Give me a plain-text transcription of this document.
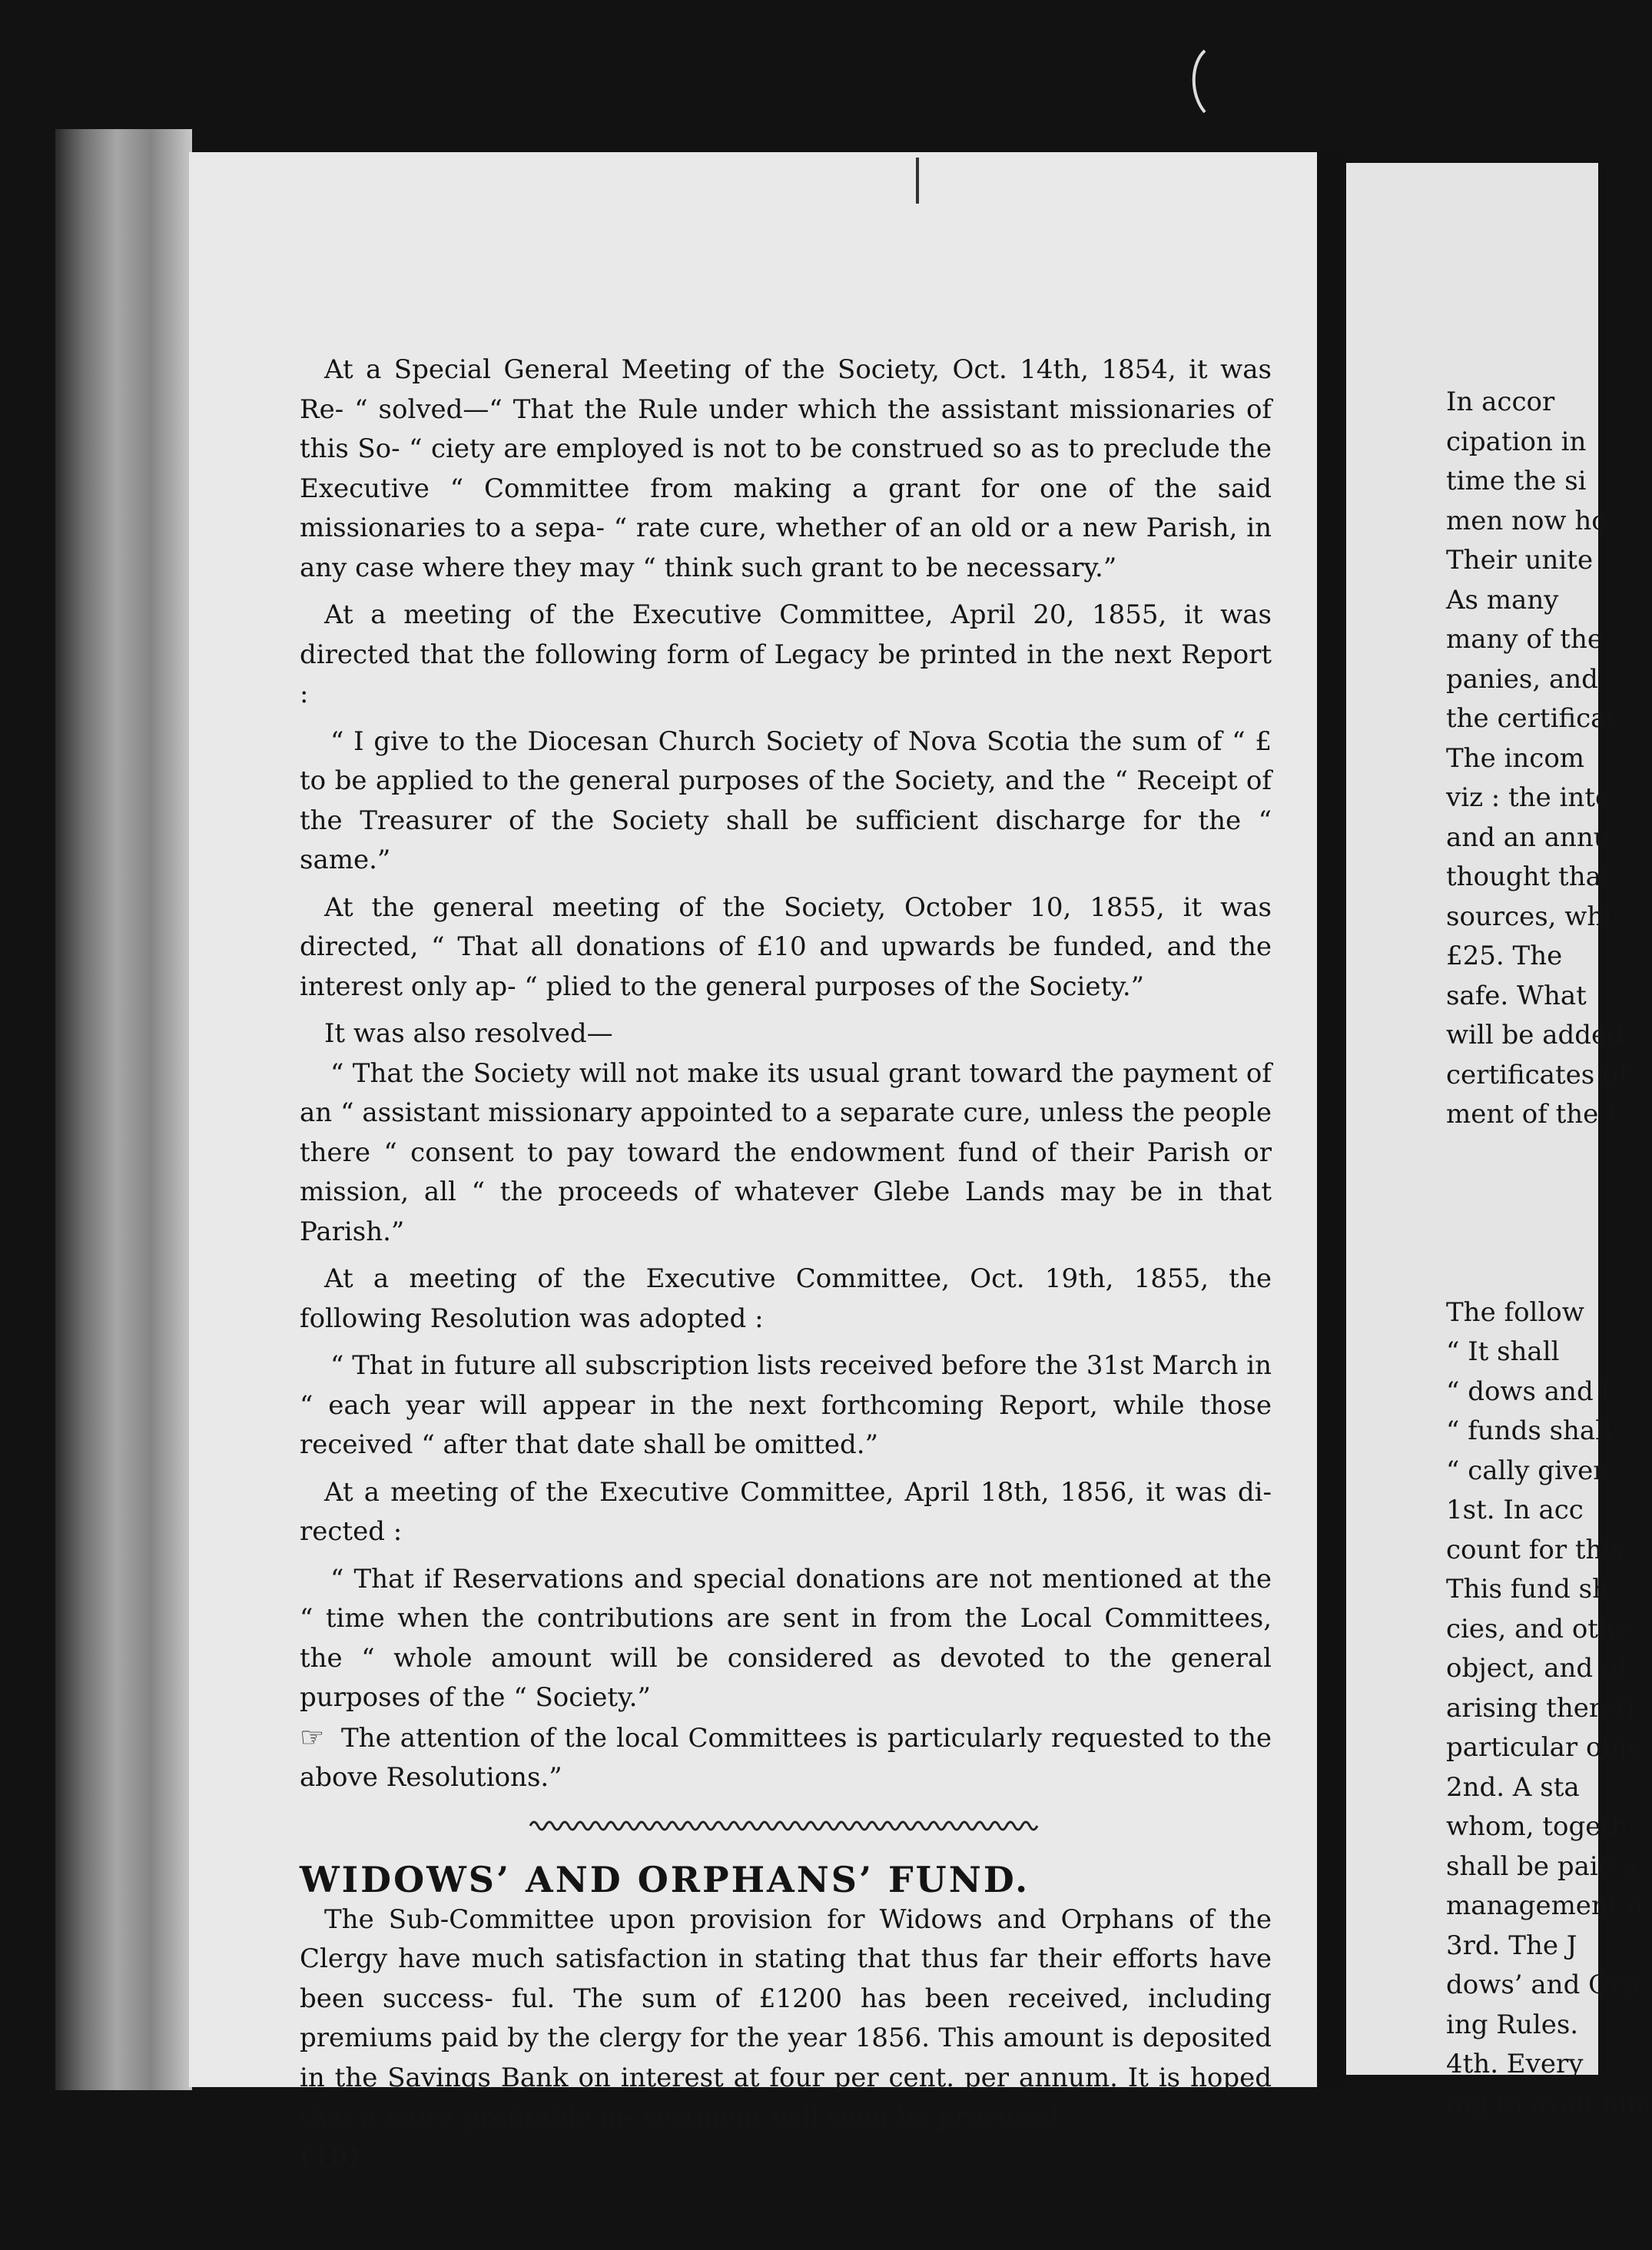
At a Special General Meeting of the Society, Oct. 14th, 1854, it was Re- “ solved—“ That the Rule under which the assistant missionaries of this So- “ ciety are employed is not to be construed so as to preclude the Executive “ Committee from making a grant for one of the said missionaries to a sepa- “ rate cure, whether of an old or a new Parish, in any case where they may “ think such grant to be necessary.”

At a meeting of the Executive Committee, April 20, 1855, it was directed that the following form of Legacy be printed in the next Report :

“ I give to the Diocesan Church Society of Nova Scotia the sum of “ £ to be applied to the general purposes of the Society, and the “ Receipt of the Treasurer of the Society shall be sufficient discharge for the “ same.”

At the general meeting of the Society, October 10, 1855, it was directed, “ That all donations of £10 and upwards be funded, and the interest only ap- “ plied to the general purposes of the Society.”

It was also resolved—

“ That the Society will not make its usual grant toward the payment of an “ assistant missionary appointed to a separate cure, unless the people there “ consent to pay toward the endowment fund of their Parish or mission, all “ the proceeds of whatever Glebe Lands may be in that Parish.”

At a meeting of the Executive Committee, Oct. 19th, 1855, the following Resolution was adopted :

“ That in future all subscription lists received before the 31st March in “ each year will appear in the next forthcoming Report, while those received “ after that date shall be omitted.”

At a meeting of the Executive Committee, April 18th, 1856, it was di- rected :

“ That if Reservations and special donations are not mentioned at the “ time when the contributions are sent in from the Local Committees, the “ whole amount will be considered as devoted to the general purposes of the “ Society.”

☞ The attention of the local Committees is particularly requested to the above Resolutions.”

WIDOWS’ AND ORPHANS’ FUND.

The Sub-Committee upon provision for Widows and Orphans of the Clergy have much satisfaction in stating that thus far their efforts have been success- ful. The sum of £1200 has been received, including premiums paid by the clergy for the year 1856. This amount is deposited in the Savings Bank on interest at four per cent. per annum. It is hoped that a more profitable in- vestment will soon be procured.

(10)

In accor
cipation in
time the si
men now ho
Their unite
As many
many of the
panies, and
the certificat
The incom
viz : the inte
and an annu
thought that
sources, whi
£25. The
safe. What
will be added
certificates of
ment of the f
The follow
“ It shall
“ dows and C
“ funds shall
“ cally given
1st. In acc
count for this
This fund sh
cies, and othe
object, and of
arising therefr
particular obje
2nd. A sta
whom, togeth
shall be paid a
management o
3rd. The J
dows’ and Orp
ing Rules.
4th. Every
ing to avail him
